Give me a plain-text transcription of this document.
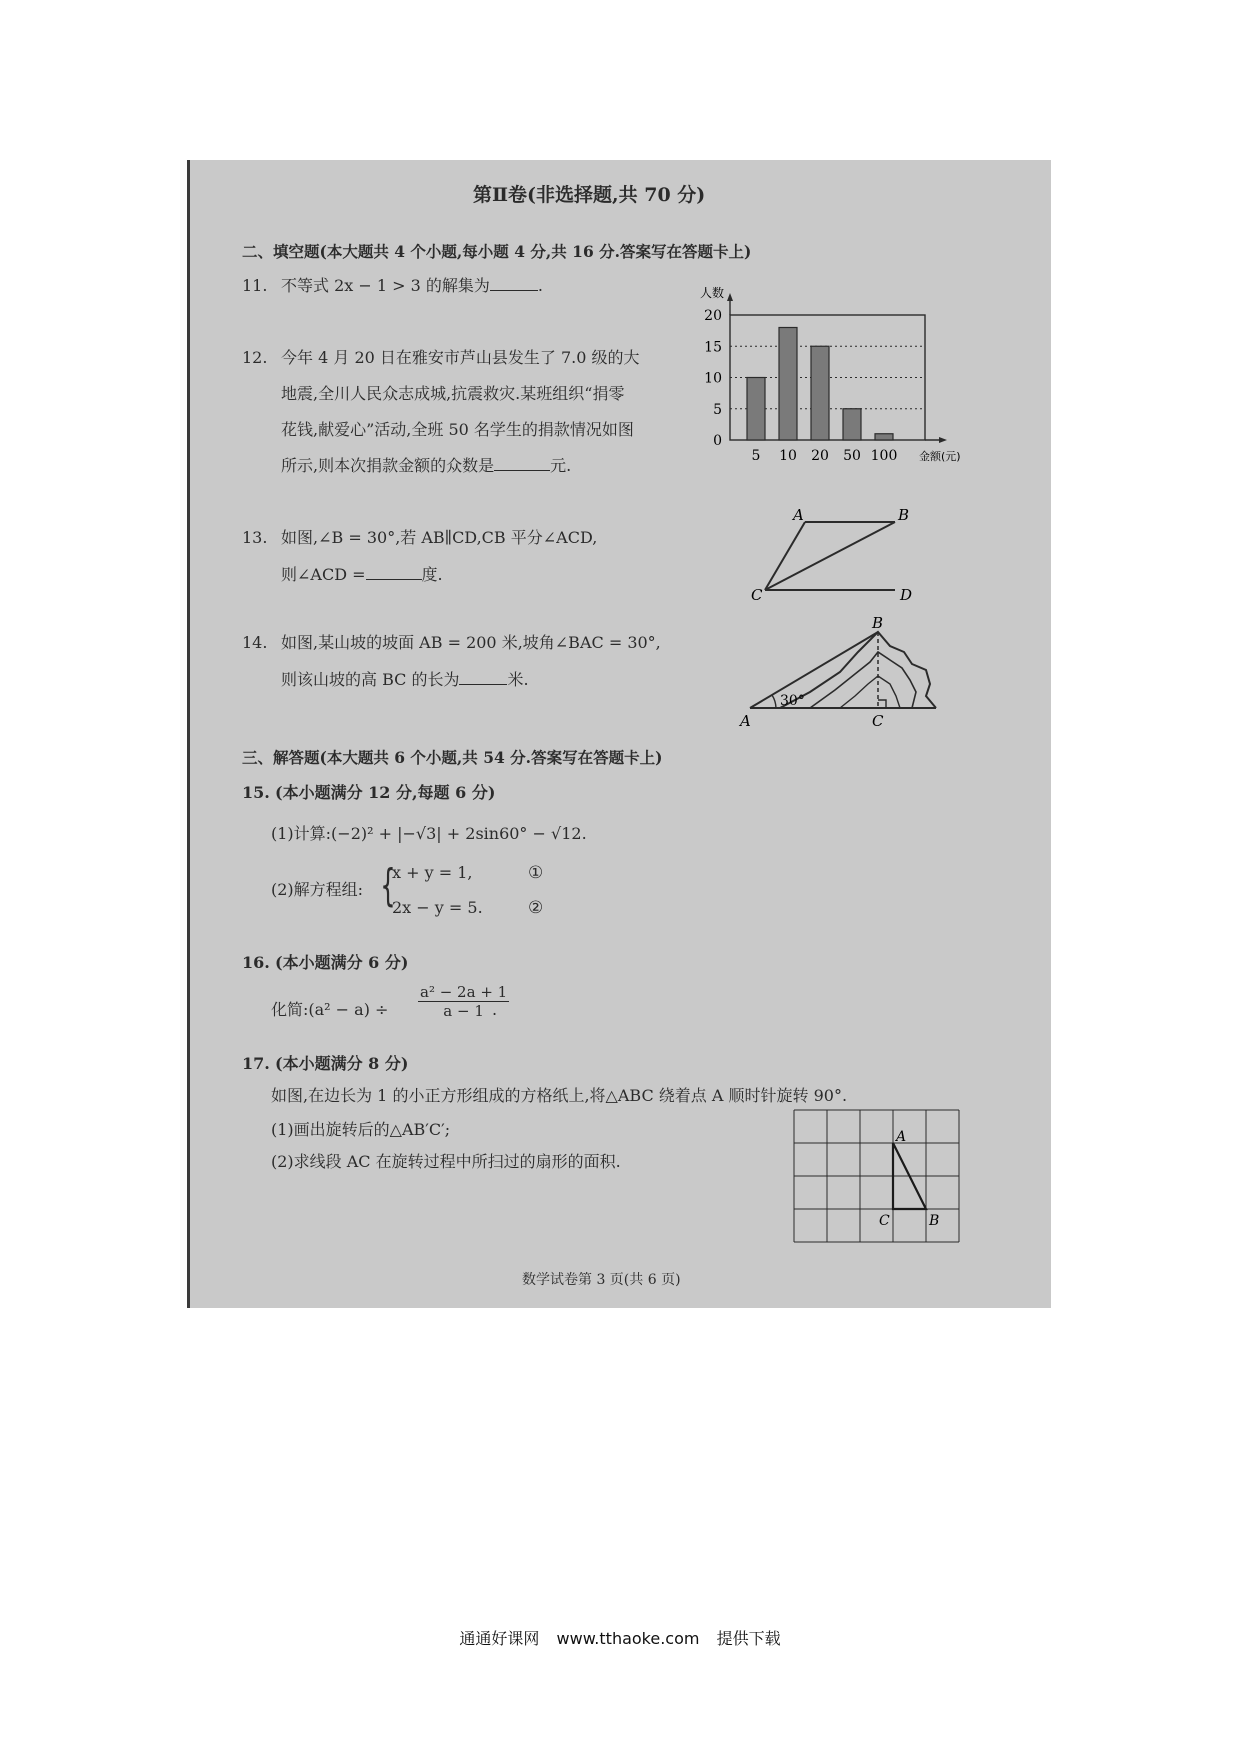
第Ⅱ卷(非选择题,共 70 分)
二、填空题(本大题共 4 个小题,每小题 4 分,共 16 分.答案写在答题卡上)
11. 不等式 2x − 1 > 3 的解集为	.
12. 今年 4 月 20 日在雅安市芦山县发生了 7.0 级的大
地震,全川人民众志成城,抗震救灾.某班组织“捐零
花钱,献爱心”活动,全班 50 名学生的捐款情况如图
所示,则本次捐款金额的众数是	元.
0
5
10
15
20
人数
金额(元)
5 10 20 50 100
13. 如图,∠B = 30°,若 AB∥CD,CB 平分∠ACD,
则∠ACD =	度.
A	B
C	D
14. 如图,某山坡的坡面 AB = 200 米,坡角∠BAC = 30°,
则该山坡的高 BC 的长为	米.
30°
A
B
C
三、解答题(本大题共 6 个小题,共 54 分.答案写在答题卡上)
15. (本小题满分 12 分,每题 6 分)
(1)计算:(−2)² + |−√3| + 2sin60° − √12.
(2)解方程组: {
x + y = 1,
2x − y = 5.
①
②
16. (本小题满分 6 分)
化简:(a² − $a) \div \frac{\text{a² − 2a + 1}}{a - 1}$
.
17. (本小题满分 8 分)
如图,在边长为 1 的小正方形组成的方格纸上,将△ABC 绕着点 A 顺时针旋转 90°.
(1)画出旋转后的△AB′C′;
(2)求线段 AC 在旋转过程中所扫过的扇形的面积.
A
C	B
数学试卷第 3 页(共 6 页)
通通好课网 www.tthaoke.com 提供下载
